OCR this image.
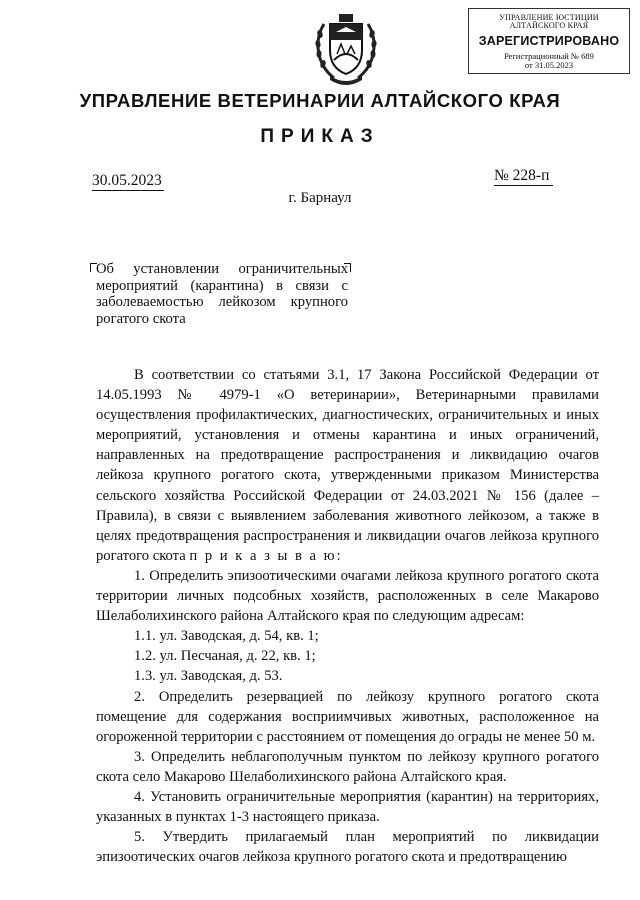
УПРАВЛЕНИЕ ЮСТИЦИИ
АЛТАЙСКОГО КРАЯ
ЗАРЕГИСТРИРОВАНО
Регистрационный № 689
от 31.05.2023
УПРАВЛЕНИЕ ВЕТЕРИНАРИИ АЛТАЙСКОГО КРАЯ
ПРИКАЗ
30.05.2023	№ 228-п
г. Барнаул
Об установлении ограничительных мероприятий (карантина) в связи с заболеваемостью лейкозом крупного рогатого скота

В соответствии со статьями 3.1, 17 Закона Российской Федерации от 14.05.1993 № 4979-1 «О ветеринарии», Ветеринарными правилами осуществления профилактических, диагностических, ограничительных и иных мероприятий, установления и отмены карантина и иных ограничений, направленных на предотвращение распространения и ликвидацию очагов лейкоза крупного рогатого скота, утвержденными приказом Министерства сельского хозяйства Российской Федерации от 24.03.2021 № 156 (далее – Правила), в связи с выявлением заболевания животного лейкозом, а также в целях предотвращения распространения и ликвидации очагов лейкоза крупного рогатого скота п р и к а з ы в а ю:

1. Определить эпизоотическими очагами лейкоза крупного рогатого скота территории личных подсобных хозяйств, расположенных в селе Макарово Шелаболихинского района Алтайского края по следующим адресам:

1.1. ул. Заводская, д. 54, кв. 1;

1.2. ул. Песчаная, д. 22, кв. 1;

1.3. ул. Заводская, д. 53.

2. Определить резервацией по лейкозу крупного рогатого скота помещение для содержания восприимчивых животных, расположенное на огороженной территории с расстоянием от помещения до ограды не менее 50 м.

3. Определить неблагополучным пунктом по лейкозу крупного рогатого скота село Макарово Шелаболихинского района Алтайского края.

4. Установить ограничительные мероприятия (карантин) на территориях, указанных в пунктах 1-3 настоящего приказа.

5. Утвердить прилагаемый план мероприятий по ликвидации эпизоотических очагов лейкоза крупного рогатого скота и предотвращению
